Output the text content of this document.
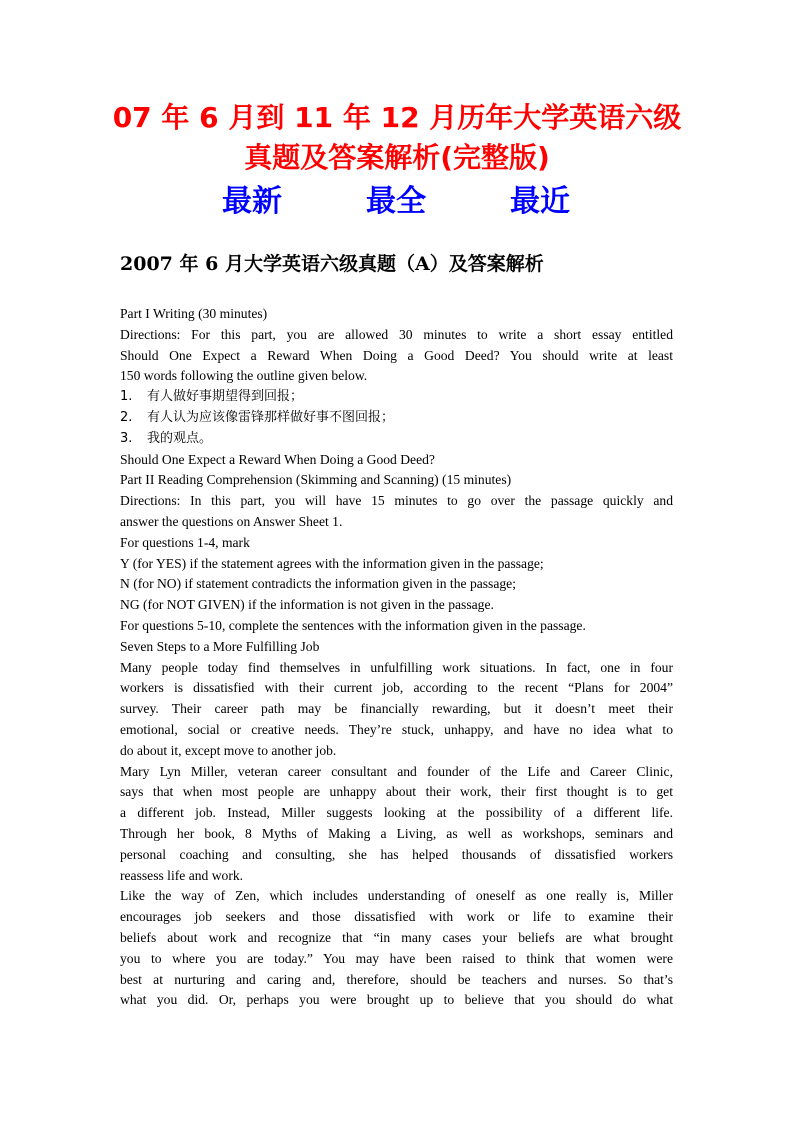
07 年 6 月到 11 年 12 月历年大学英语六级
真题及答案解析(完整版)
最新	最全	最近
2007 年 6 月大学英语六级真题（A）及答案解析
Part I Writing (30 minutes)
Directions: For this part, you are allowed 30 minutes to write a short essay entitled
Should One Expect a Reward When Doing a Good Deed? You should write at least
150 words following the outline given below.
1. 有人做好事期望得到回报；
2. 有人认为应该像雷锋那样做好事不图回报；
3. 我的观点。
Should One Expect a Reward When Doing a Good Deed?
Part II Reading Comprehension (Skimming and Scanning) (15 minutes)
Directions: In this part, you will have 15 minutes to go over the passage quickly and
answer the questions on Answer Sheet 1.
For questions 1-4, mark
Y (for YES) if the statement agrees with the information given in the passage;
N (for NO) if statement contradicts the information given in the passage;
NG (for NOT GIVEN) if the information is not given in the passage.
For questions 5-10, complete the sentences with the information given in the passage.
Seven Steps to a More Fulfilling Job
Many people today find themselves in unfulfilling work situations. In fact, one in four
workers is dissatisfied with their current job, according to the recent “Plans for 2004”
survey. Their career path may be financially rewarding, but it doesn’t meet their
emotional, social or creative needs. They’re stuck, unhappy, and have no idea what to
do about it, except move to another job.
Mary Lyn Miller, veteran career consultant and founder of the Life and Career Clinic,
says that when most people are unhappy about their work, their first thought is to get
a different job. Instead, Miller suggests looking at the possibility of a different life.
Through her book, 8 Myths of Making a Living, as well as workshops, seminars and
personal coaching and consulting, she has helped thousands of dissatisfied workers
reassess life and work.
Like the way of Zen, which includes understanding of oneself as one really is, Miller
encourages job seekers and those dissatisfied with work or life to examine their
beliefs about work and recognize that “in many cases your beliefs are what brought
you to where you are today.” You may have been raised to think that women were
best at nurturing and caring and, therefore, should be teachers and nurses. So that’s
what you did. Or, perhaps you were brought up to believe that you should do what
